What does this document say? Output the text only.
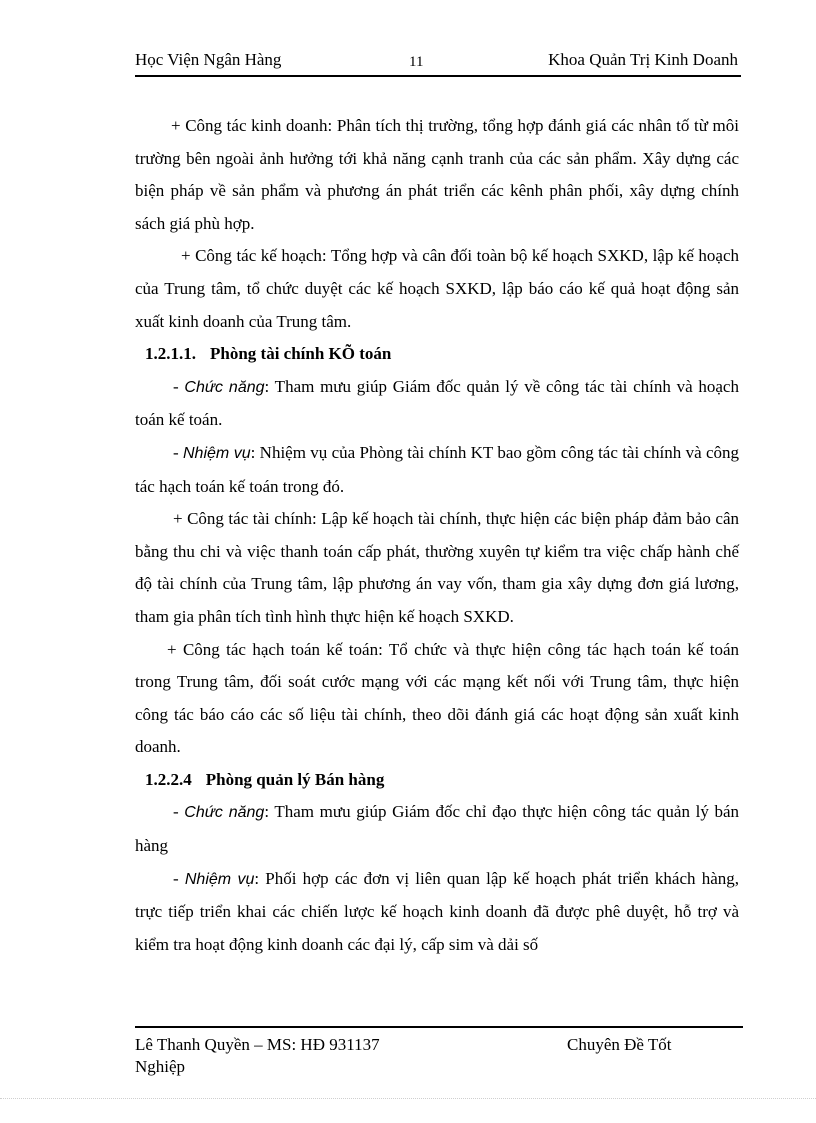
Học Viện Ngân Hàng	11	Khoa Quản Trị Kinh Doanh

+ Công tác kinh doanh: Phân tích thị trường, tổng hợp đánh giá các nhân tố từ môi trường bên ngoài ảnh hưởng tới khả năng cạnh tranh của các sản phẩm. Xây dựng các biện pháp về sản phẩm và phương án phát triển các kênh phân phối, xây dựng chính sách giá phù hợp.

+ Công tác kế hoạch: Tổng hợp và cân đối toàn bộ kế hoạch SXKD, lập kế hoạch của Trung tâm, tổ chức duyệt các kế hoạch SXKD, lập báo cáo kế quả hoạt động sản xuất kinh doanh của Trung tâm.

1.2.1.1. Phòng tài chính KÕ toán

- Chức năng: Tham mưu giúp Giám đốc quản lý về công tác tài chính và hoạch toán kế toán.

- Nhiệm vụ: Nhiệm vụ của Phòng tài chính KT bao gồm công tác tài chính và công tác hạch toán kế toán trong đó.

+ Công tác tài chính: Lập kế hoạch tài chính, thực hiện các biện pháp đảm bảo cân bằng thu chi và việc thanh toán cấp phát, thường xuyên tự kiểm tra việc chấp hành chế độ tài chính của Trung tâm, lập phương án vay vốn, tham gia xây dựng đơn giá lương, tham gia phân tích tình hình thực hiện kế hoạch SXKD.

+ Công tác hạch toán kế toán: Tổ chức và thực hiện công tác hạch toán kế toán trong Trung tâm, đối soát cước mạng với các mạng kết nối với Trung tâm, thực hiện công tác báo cáo các số liệu tài chính, theo dõi đánh giá các hoạt động sản xuất kinh doanh.

1.2.2.4 Phòng quản lý Bán hàng

- Chức năng: Tham mưu giúp Giám đốc chỉ đạo thực hiện công tác quản lý bán hàng

- Nhiệm vụ: Phối hợp các đơn vị liên quan lập kế hoạch phát triển khách hàng, trực tiếp triển khai các chiến lược kế hoạch kinh doanh đã được phê duyệt, hỗ trợ và kiểm tra hoạt động kinh doanh các đại lý, cấp sim và dải số

Lê Thanh Quyền – MS: HĐ 931137	Chuyên Đề Tốt
Nghiệp
